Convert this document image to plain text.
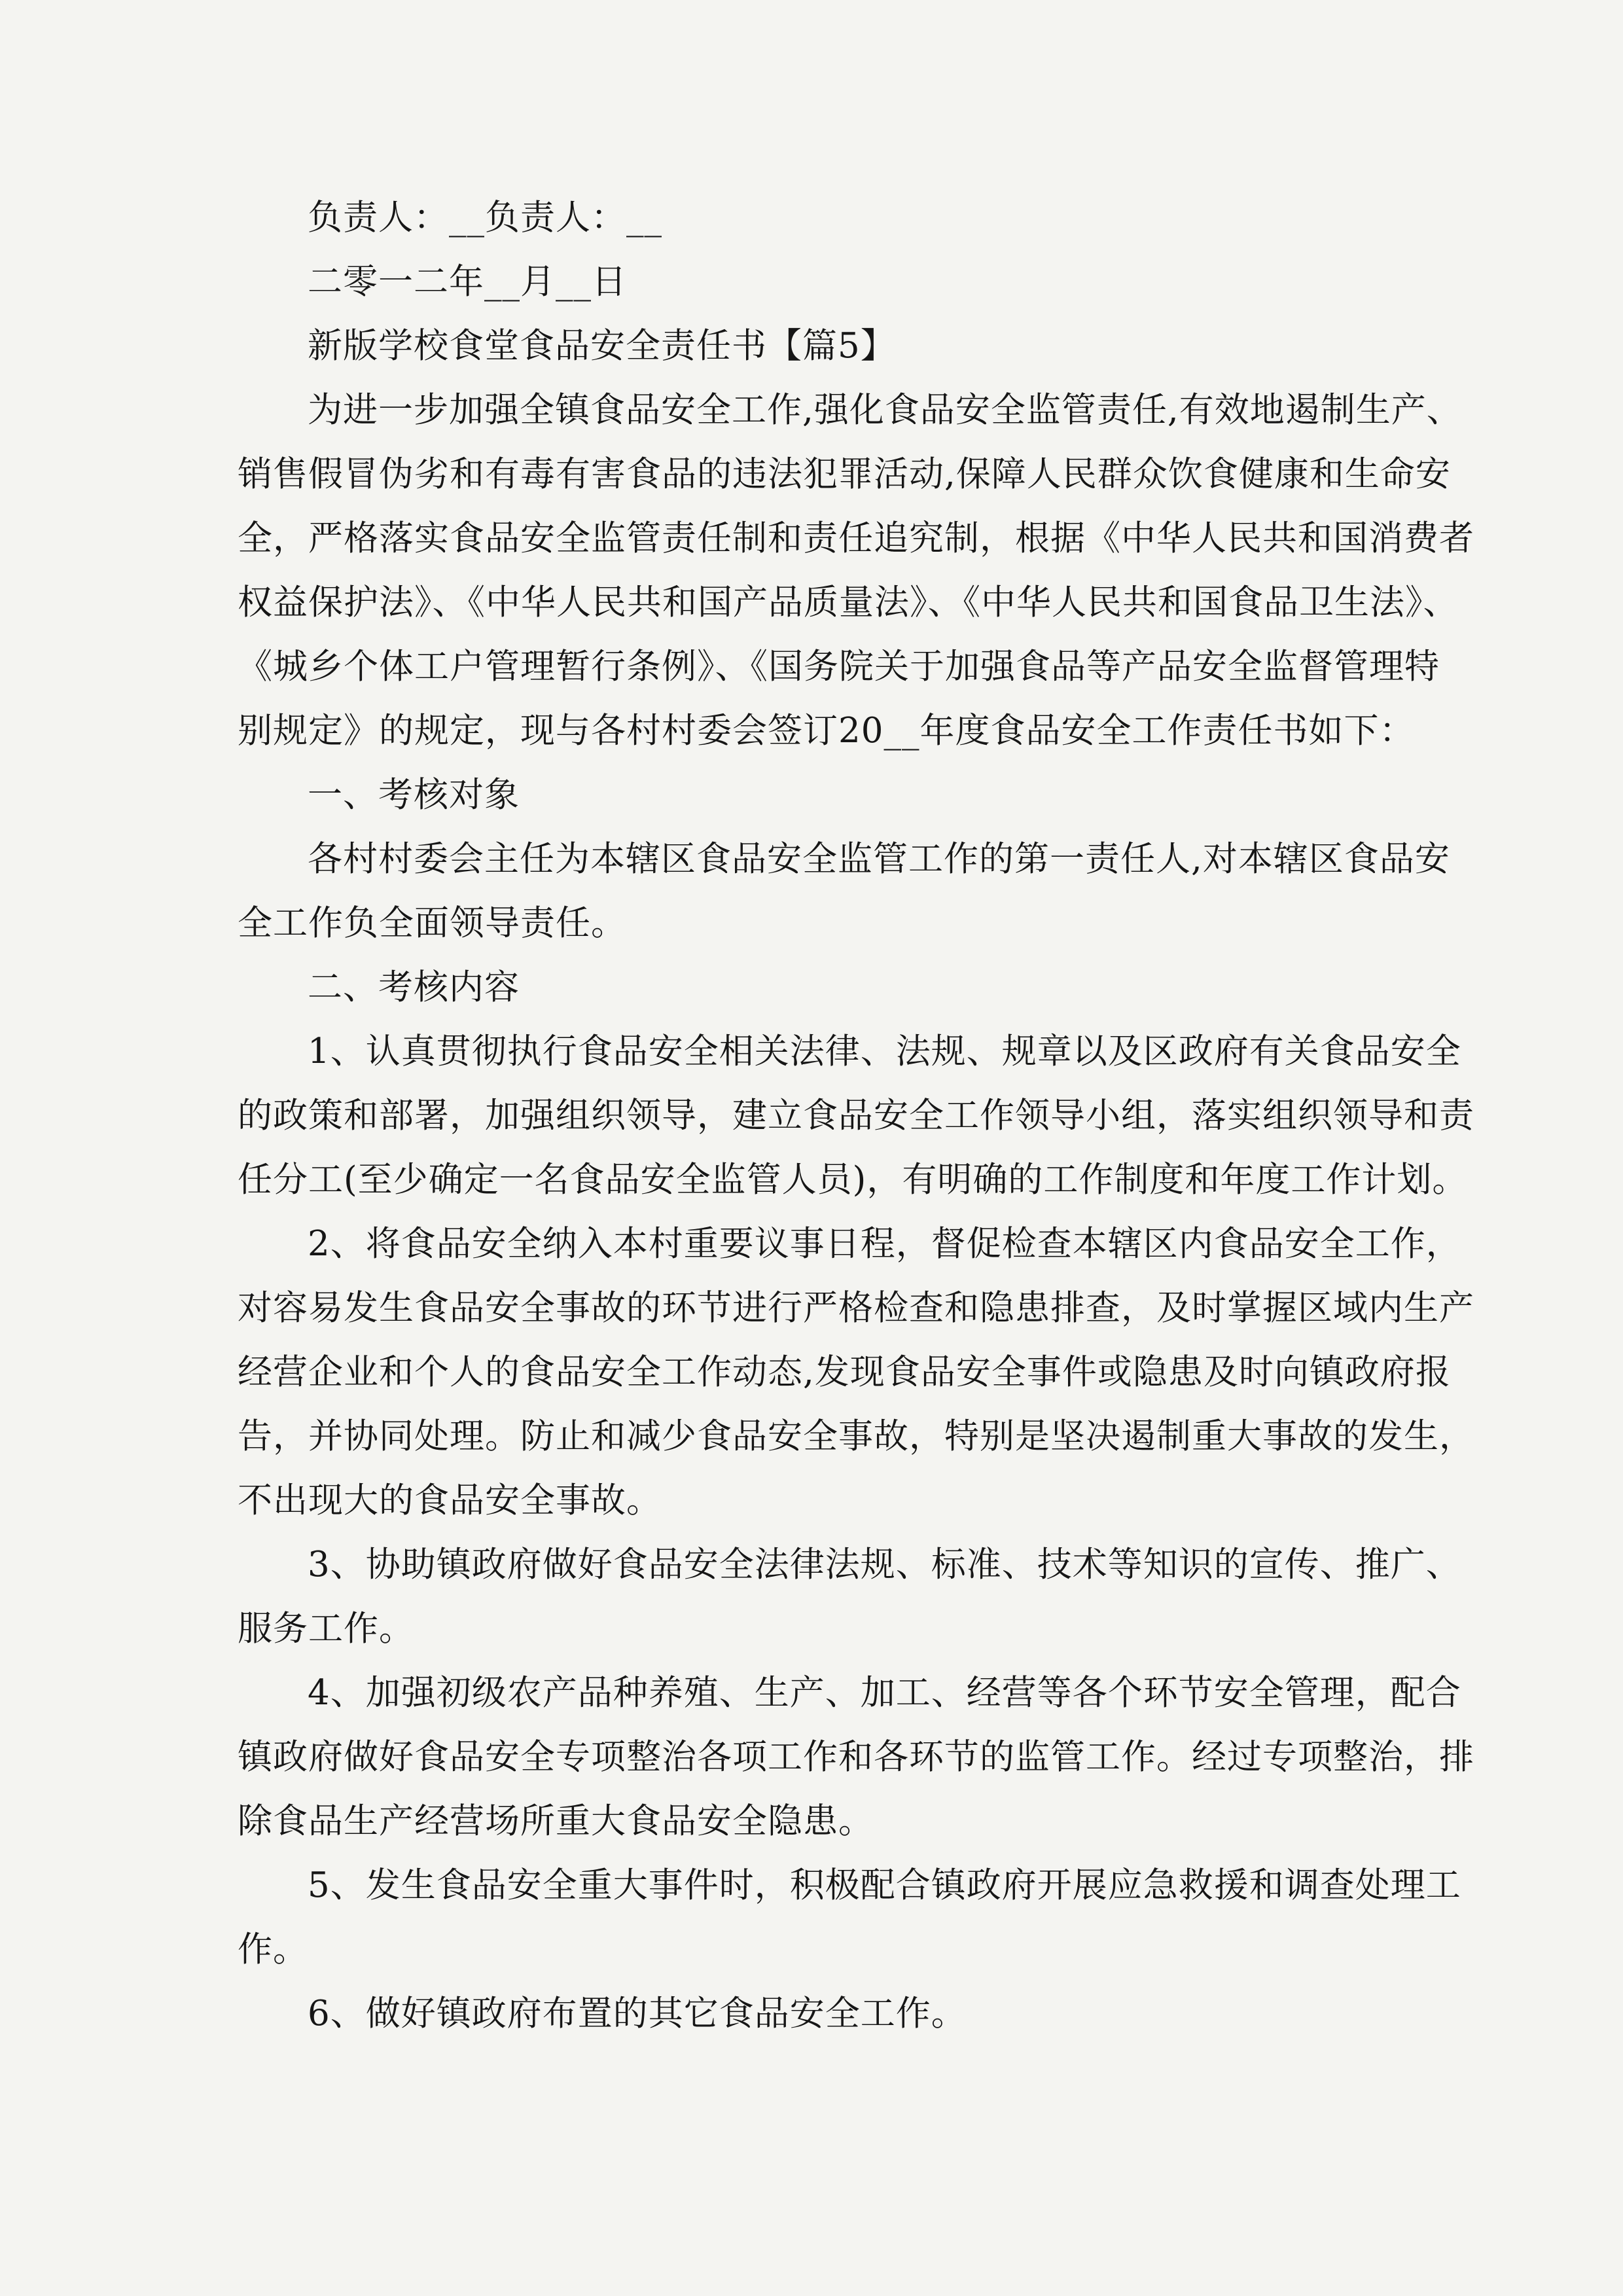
负责人：__负责人：__
二零一二年__月__日
新版学校食堂食品安全责任书【篇5】
为进一步加强全镇食品安全工作,强化食品安全监管责任,有效地遏制生产、
销售假冒伪劣和有毒有害食品的违法犯罪活动,保障人民群众饮食健康和生命安
全，严格落实食品安全监管责任制和责任追究制，根据《中华人民共和国消费者
权益保护法》、《中华人民共和国产品质量法》、《中华人民共和国食品卫生法》、
《城乡个体工户管理暂行条例》、《国务院关于加强食品等产品安全监督管理特
别规定》的规定，现与各村村委会签订20__年度食品安全工作责任书如下：
一、考核对象
各村村委会主任为本辖区食品安全监管工作的第一责任人,对本辖区食品安
全工作负全面领导责任。
二、考核内容
1、认真贯彻执行食品安全相关法律、法规、规章以及区政府有关食品安全
的政策和部署，加强组织领导，建立食品安全工作领导小组，落实组织领导和责
任分工(至少确定一名食品安全监管人员)，有明确的工作制度和年度工作计划。
2、将食品安全纳入本村重要议事日程，督促检查本辖区内食品安全工作，
对容易发生食品安全事故的环节进行严格检查和隐患排查，及时掌握区域内生产
经营企业和个人的食品安全工作动态,发现食品安全事件或隐患及时向镇政府报
告，并协同处理。防止和减少食品安全事故，特别是坚决遏制重大事故的发生，
不出现大的食品安全事故。
3、协助镇政府做好食品安全法律法规、标准、技术等知识的宣传、推广、
服务工作。
4、加强初级农产品种养殖、生产、加工、经营等各个环节安全管理，配合
镇政府做好食品安全专项整治各项工作和各环节的监管工作。经过专项整治，排
除食品生产经营场所重大食品安全隐患。
5、发生食品安全重大事件时，积极配合镇政府开展应急救援和调查处理工
作。
6、做好镇政府布置的其它食品安全工作。
